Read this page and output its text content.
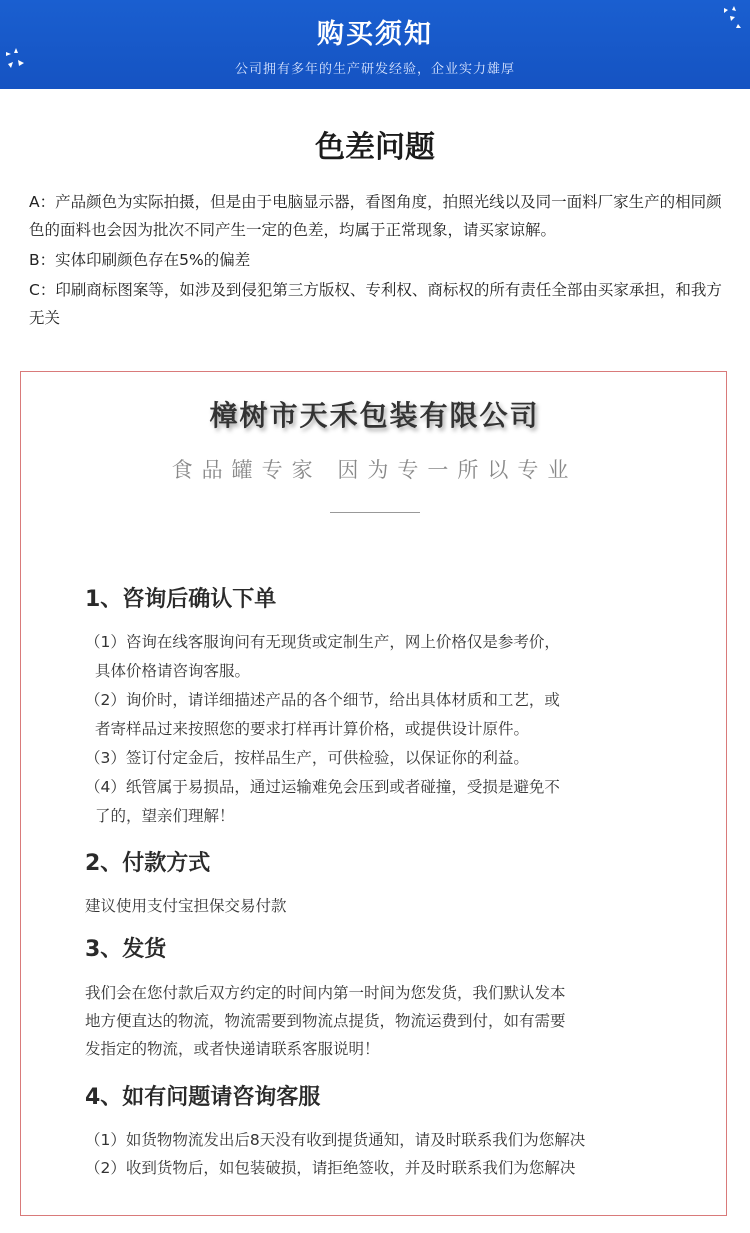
购买须知
公司拥有多年的生产研发经验，企业实力雄厚
色差问题
A：产品颜色为实际拍摄，但是由于电脑显示器，看图角度，拍照光线以及同一面料厂家生产的相同颜色的面料也会因为批次不同产生一定的色差，均属于正常现象，请买家谅解。
B：实体印刷颜色存在5%的偏差
C：印刷商标图案等，如涉及到侵犯第三方版权、专利权、商标权的所有责任全部由买家承担，和我方无关
樟树市天禾包装有限公司
食品罐专家 因为专一所以专业
1、咨询后确认下单
（1）咨询在线客服询问有无现货或定制生产，网上价格仅是参考价，
具体价格请咨询客服。
（2）询价时，请详细描述产品的各个细节，给出具体材质和工艺，或
者寄样品过来按照您的要求打样再计算价格，或提供设计原件。
（3）签订付定金后，按样品生产，可供检验，以保证你的利益。
（4）纸管属于易损品，通过运输难免会压到或者碰撞，受损是避免不
了的，望亲们理解！
2、付款方式
建议使用支付宝担保交易付款
3、发货
我们会在您付款后双方约定的时间内第一时间为您发货，我们默认发本
地方便直达的物流，物流需要到物流点提货，物流运费到付，如有需要
发指定的物流，或者快递请联系客服说明！
4、如有问题请咨询客服
（1）如货物物流发出后8天没有收到提货通知，请及时联系我们为您解决
（2）收到货物后，如包装破损，请拒绝签收，并及时联系我们为您解决
